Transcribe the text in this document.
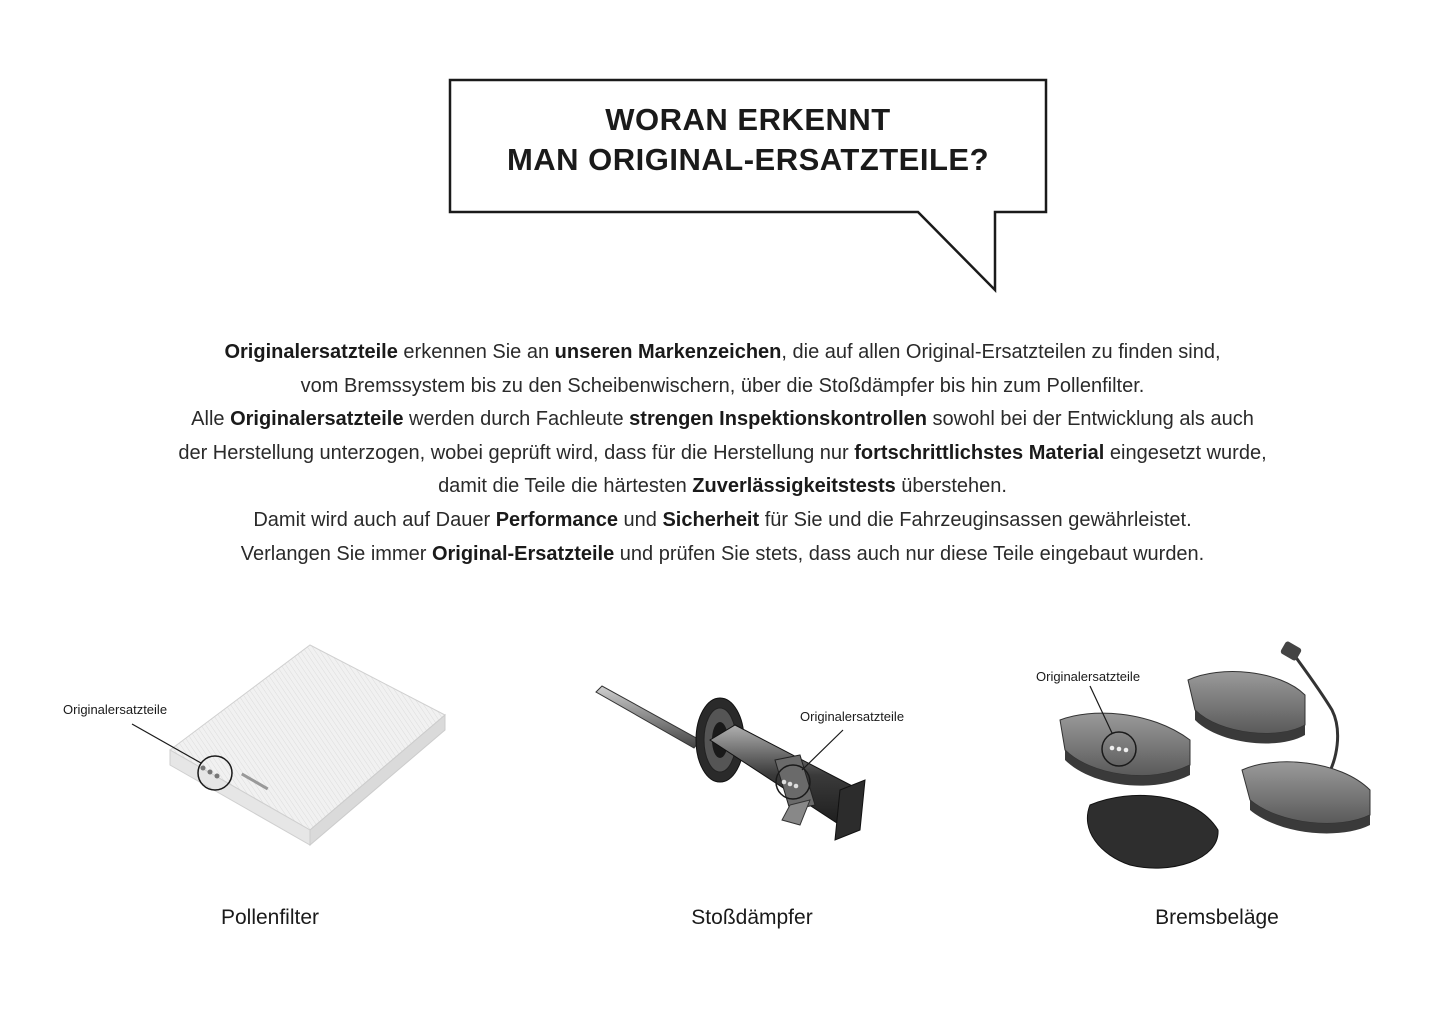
WORAN ERKENNT
MAN ORIGINAL-ERSATZTEILE?
Originalersatzteile erkennen Sie an unseren Markenzeichen, die auf allen Original-Ersatzteilen zu finden sind,
vom Bremssystem bis zu den Scheibenwischern, über die Stoßdämpfer bis hin zum Pollenfilter.
Alle Originalersatzteile werden durch Fachleute strengen Inspektionskontrollen sowohl bei der Entwicklung als auch
der Herstellung unterzogen, wobei geprüft wird, dass für die Herstellung nur fortschrittlichstes Material eingesetzt wurde,
damit die Teile die härtesten Zuverlässigkeitstests überstehen.
Damit wird auch auf Dauer Performance und Sicherheit für Sie und die Fahrzeuginsassen gewährleistet.
Verlangen Sie immer Original-Ersatzteile und prüfen Sie stets, dass auch nur diese Teile eingebaut wurden.
Originalersatzteile
Pollenfilter
Originalersatzteile
Stoßdämpfer
Originalersatzteile
Bremsbeläge
